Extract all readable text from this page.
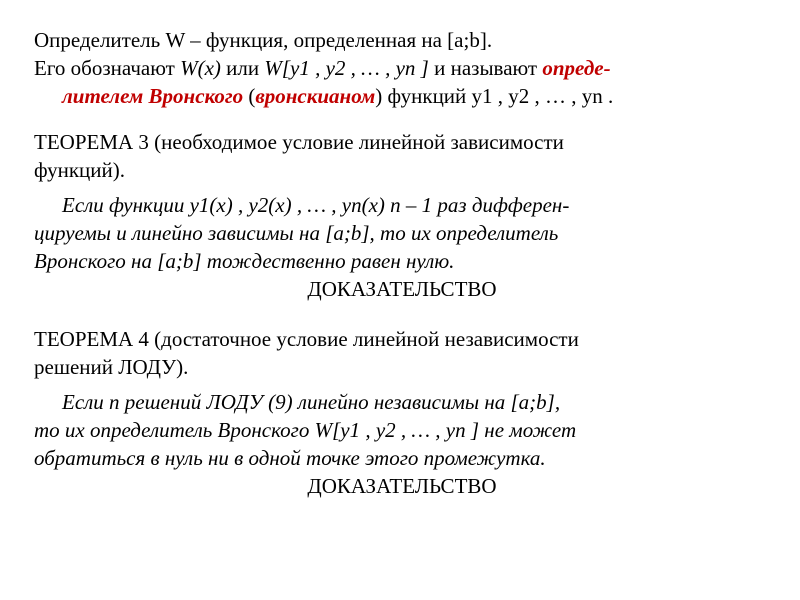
Определитель W – функция, определенная на [a;b].
Его обозначают W(x) или W[y1 , y2 , … , yn ] и называют опреде-
лителем Вронского (вронскианом) функций y1 , y2 , … , yn .
ТЕОРЕМА 3 (необходимое условие линейной зависимости
функций).
Если функции y1(x) , y2(x) , … , yn(x) n – 1 раз дифферен-
цируемы и линейно зависимы на [a;b], то их определитель
Вронского на [a;b] тождественно равен нулю.
ДОКАЗАТЕЛЬСТВО
ТЕОРЕМА 4 (достаточное условие линейной независимости
решений ЛОДУ).
Если n решений ЛОДУ (9) линейно независимы на [a;b],
то их определитель Вронского W[y1 , y2 , … , yn ] не может
обратиться в нуль ни в одной точке этого промежутка.
ДОКАЗАТЕЛЬСТВО
